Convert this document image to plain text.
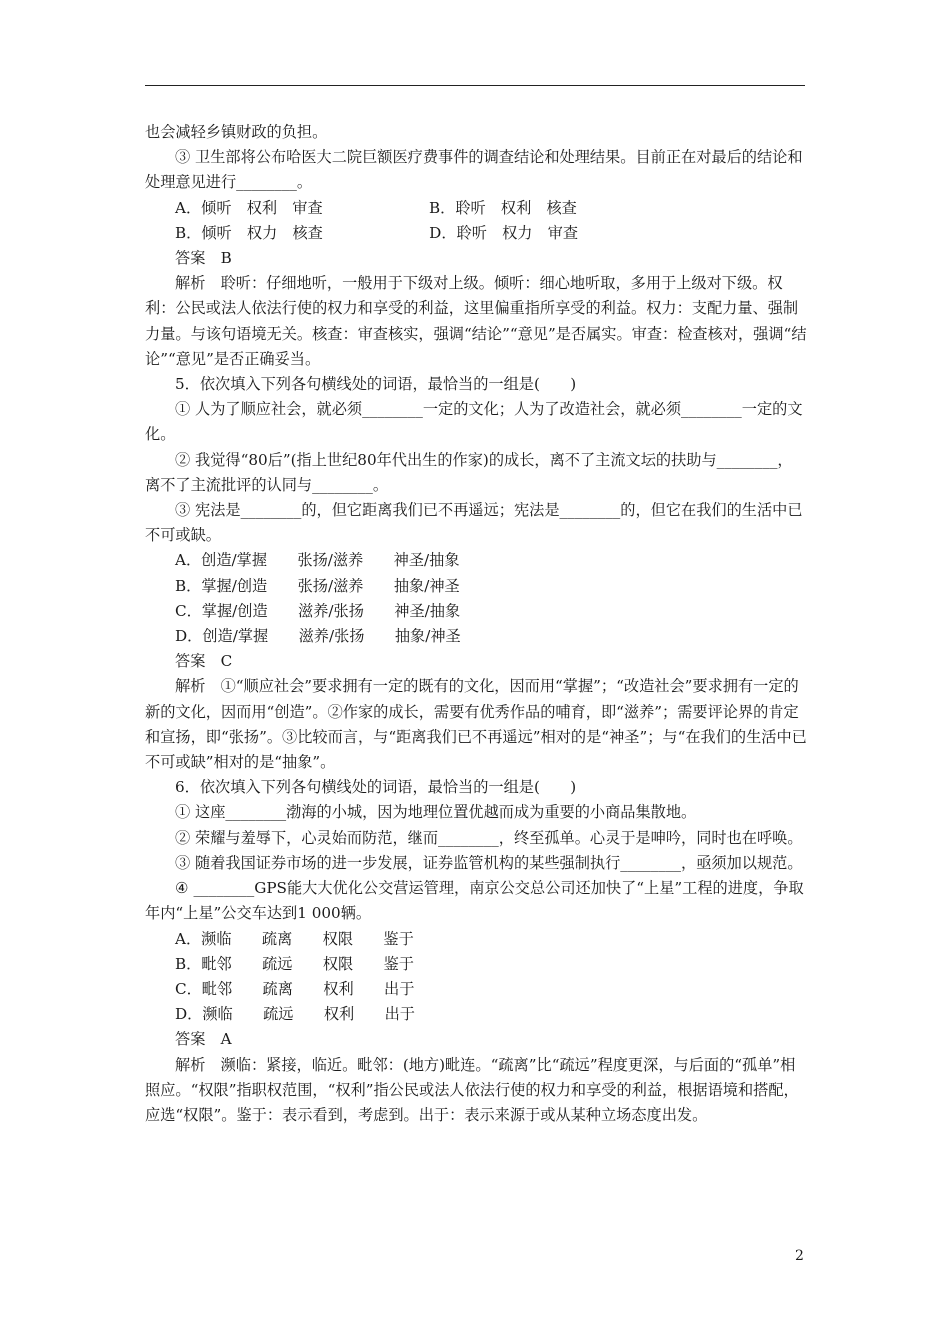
也会减轻乡镇财政的负担。

③ 卫生部将公布哈医大二院巨额医疗费事件的调查结论和处理结果。目前正在对最后的结论和处理意见进行________。

A．倾听　权利　审查　　　　　　　B．聆听　权利　核查

B．倾听　权力　核查　　　　　　　D．聆听　权力　审查

答案　B

解析　聆听：仔细地听，一般用于下级对上级。倾听：细心地听取，多用于上级对下级。权利：公民或法人依法行使的权力和享受的利益，这里偏重指所享受的利益。权力：支配力量、强制力量。与该句语境无关。核查：审查核实，强调“结论”“意见”是否属实。审查：检查核对，强调“结论”“意见”是否正确妥当。

5．依次填入下列各句横线处的词语，最恰当的一组是(　　)

① 人为了顺应社会，就必须________一定的文化；人为了改造社会，就必须________一定的文化。

② 我觉得“80后”(指上世纪80年代出生的作家)的成长，离不了主流文坛的扶助与________，离不了主流批评的认同与________。

③ 宪法是________的，但它距离我们已不再遥远；宪法是________的，但它在我们的生活中已不可或缺。

A．创造/掌握　　张扬/滋养　　神圣/抽象

B．掌握/创造　　张扬/滋养　　抽象/神圣

C．掌握/创造　　滋养/张扬　　神圣/抽象

D．创造/掌握　　滋养/张扬　　抽象/神圣

答案　C

解析　①“顺应社会”要求拥有一定的既有的文化，因而用“掌握”；“改造社会”要求拥有一定的新的文化，因而用“创造”。②作家的成长，需要有优秀作品的哺育，即“滋养”；需要评论界的肯定和宣扬，即“张扬”。③比较而言，与“距离我们已不再遥远”相对的是“神圣”；与“在我们的生活中已不可或缺”相对的是“抽象”。

6．依次填入下列各句横线处的词语，最恰当的一组是(　　)

① 这座________渤海的小城，因为地理位置优越而成为重要的小商品集散地。

② 荣耀与羞辱下，心灵始而防范，继而________，终至孤单。心灵于是呻吟，同时也在呼唤。

③ 随着我国证券市场的进一步发展，证券监管机构的某些强制执行________，亟须加以规范。

④ ________GPS能大大优化公交营运管理，南京公交总公司还加快了“上星”工程的进度，争取年内“上星”公交车达到1 000辆。

A．濒临　　疏离　　权限　　鉴于

B．毗邻　　疏远　　权限　　鉴于

C．毗邻　　疏离　　权利　　出于

D．濒临　　疏远　　权利　　出于

答案　A

解析　濒临：紧接，临近。毗邻：(地方)毗连。“疏离”比“疏远”程度更深，与后面的“孤单”相照应。“权限”指职权范围，“权利”指公民或法人依法行使的权力和享受的利益，根据语境和搭配，应选“权限”。鉴于：表示看到，考虑到。出于：表示来源于或从某种立场态度出发。

2
